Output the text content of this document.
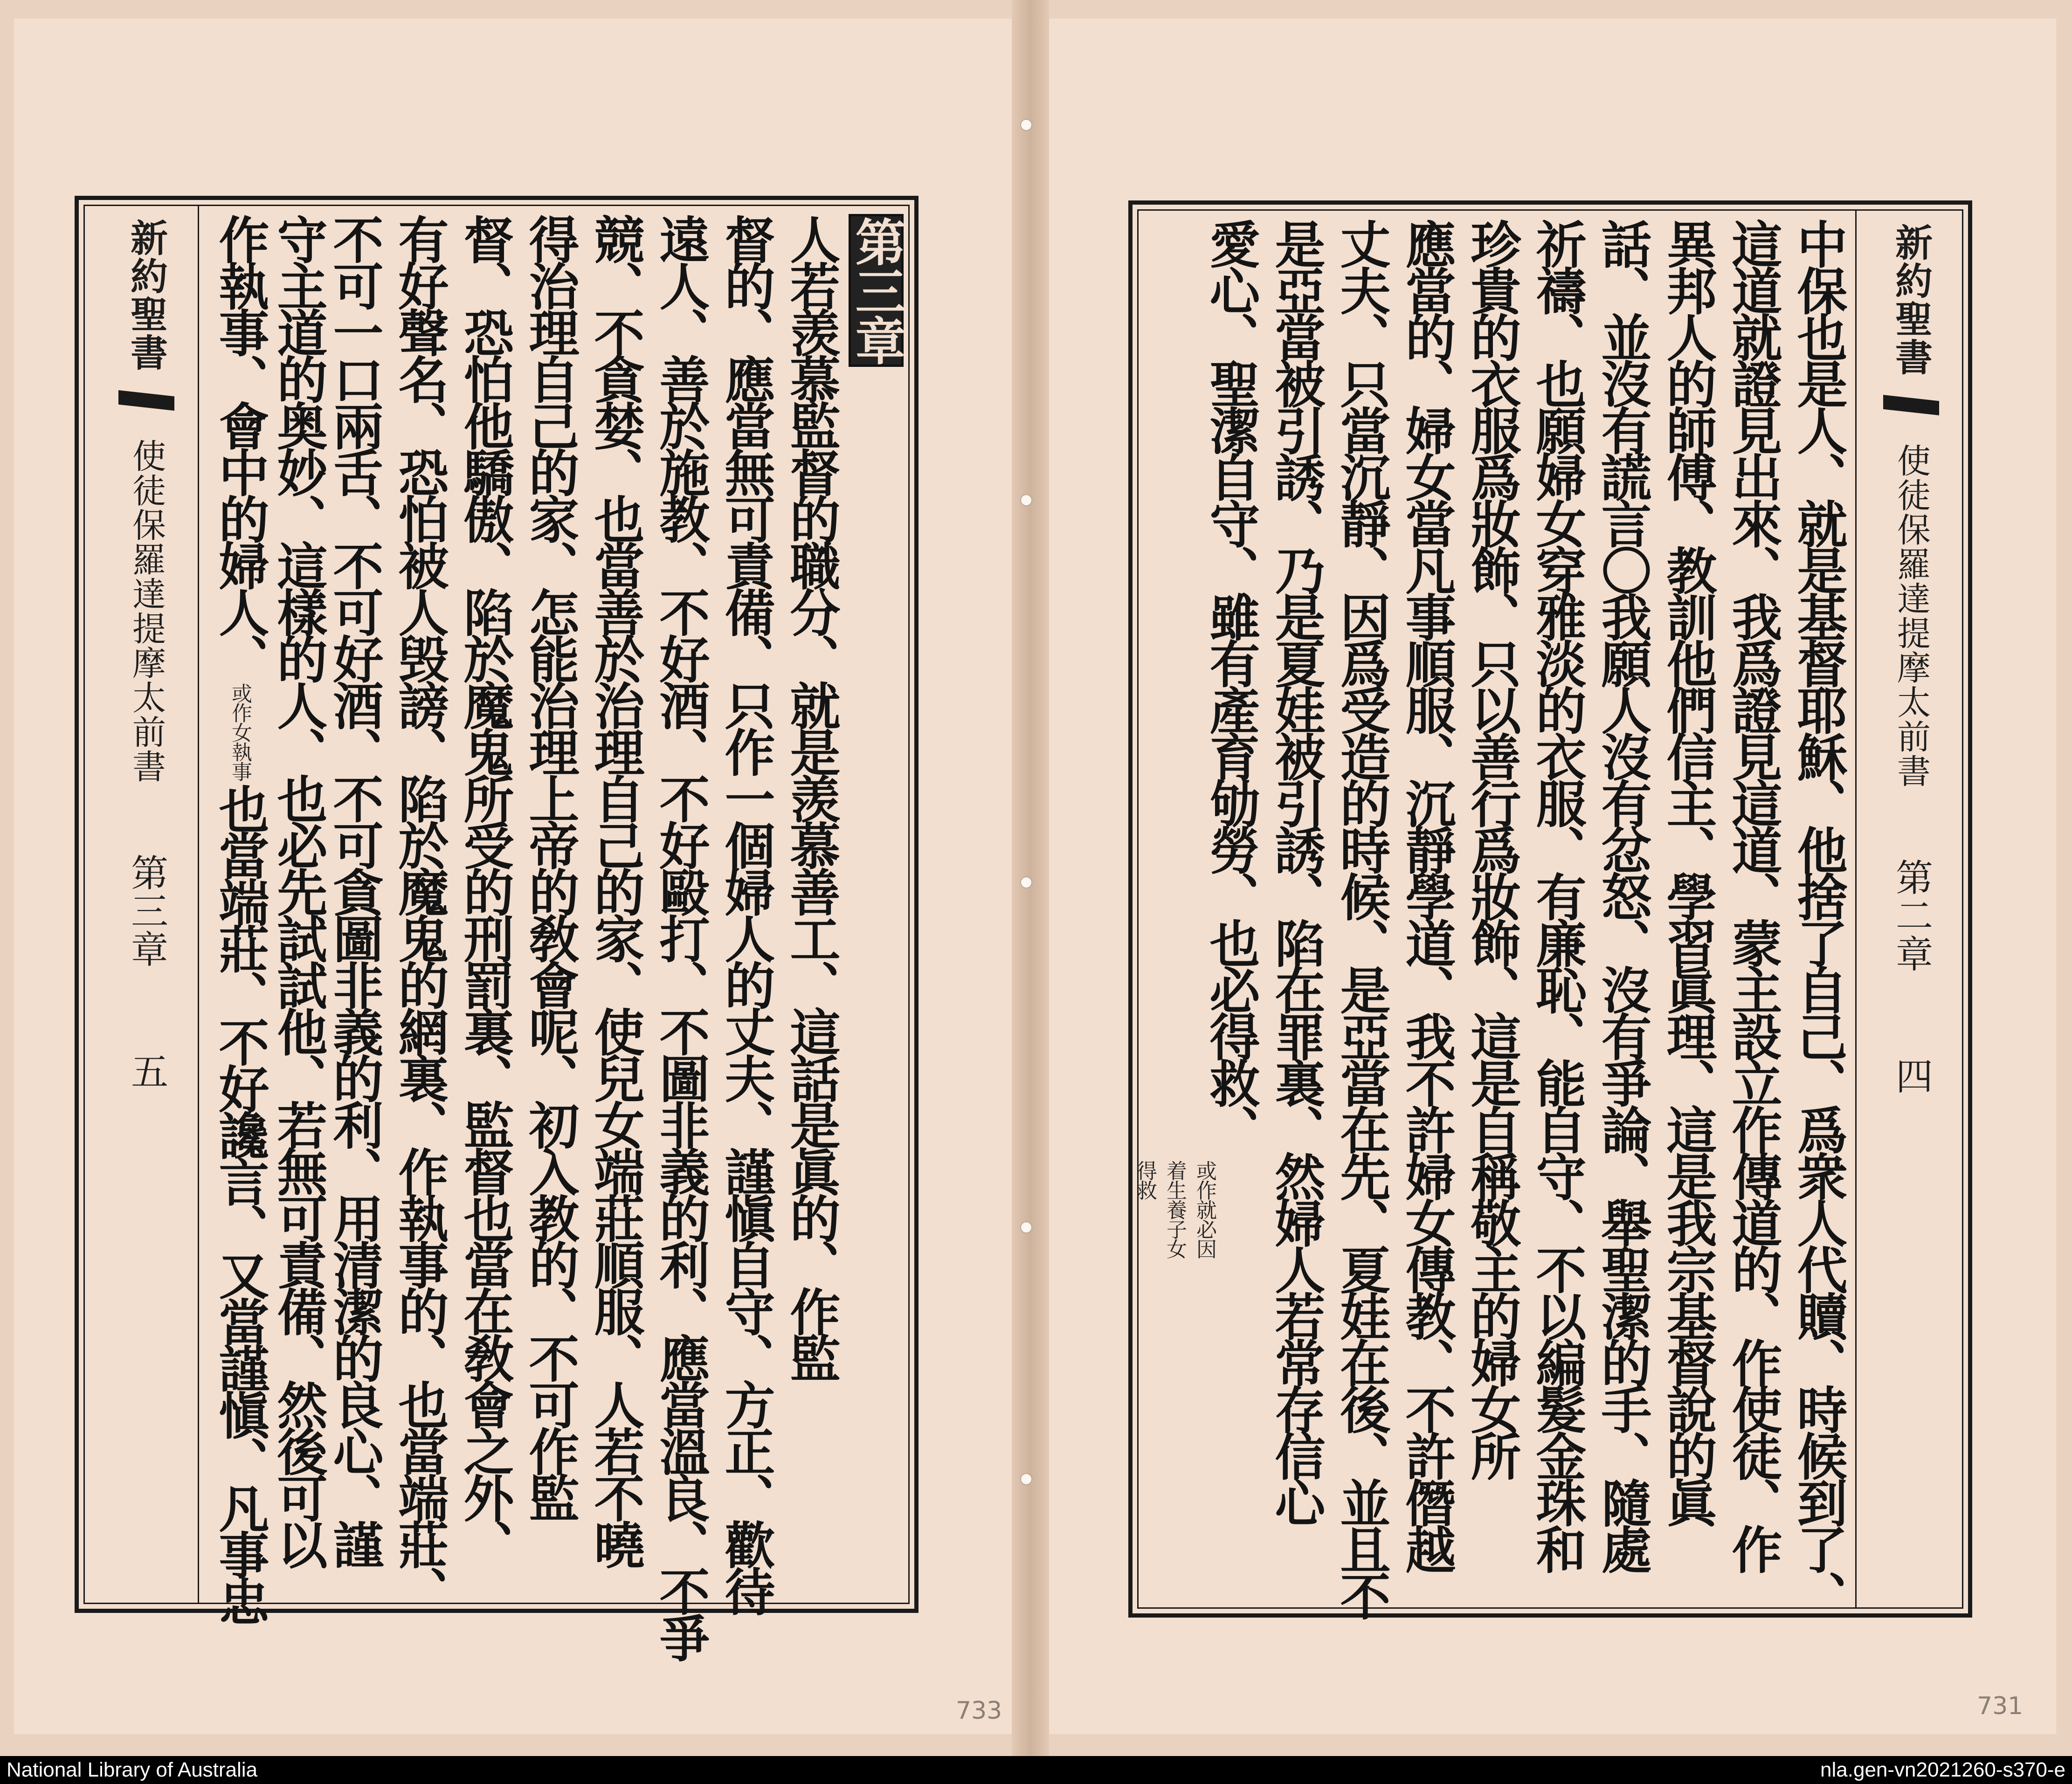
新約聖書
使徒保羅達提摩太前書
第三章
五
第三章
人若羡慕監督的職分、就是羡慕善工、這話是眞的、作監
督的、應當無可責備、只作一個婦人的丈夫、謹愼自守、方正、歡待
遠人、善於施教、不好酒、不好毆打、不圖非義的利、應當溫良、不爭
競、不貪婪、也當善於治理自己的家、使兒女端莊順服、人若不曉
得治理自己的家、怎能治理上帝的敎會呢、初入教的、不可作監
督、恐怕他驕傲、陷於魔鬼所受的刑罰裏、監督也當在敎會之外、
有好聲名、恐怕被人毁謗、陷於魔鬼的網裏、作執事的、也當端莊、
不可一口兩舌、不可好酒、不可貪圖非義的利、用清潔的良心、謹
守主道的奥妙、這樣的人、也必先試試他、若無可責備、然後可以
作執事、會中的婦人、
或作女執事
也當端莊、不好讒言、又當謹愼、凡事忠
733
新約聖書
使徒保羅達提摩太前書
第二章
四
中保也是人、就是基督耶穌、他捨了自己、爲衆人代贖、時候到了、
這道就證見出來、我爲證見這道、蒙主設立作傳道的、作使徒、作
異邦人的師傅、教訓他們信主、學習眞理、這是我宗基督說的眞
話、並沒有謊言〇我願人沒有忿怒、沒有爭論、舉聖潔的手、隨處
祈禱、也願婦女穿雅淡的衣服、有廉恥、能自守、不以編髮金珠和
珍貴的衣服爲妝飾、只以善行爲妝飾、這是自稱敬主的婦女所
應當的、婦女當凡事順服、沉靜學道、我不許婦女傳教、不許僭越
丈夫、只當沉靜、因爲受造的時候、是亞當在先、夏娃在後、並且不
是亞當被引誘、乃是夏娃被引誘、陷在罪裏、然婦人若常存信心
愛心、聖潔自守、雖有產育劬勞、也必得救、
或作就必因着生養子女得救
731
National Library of Australia	nla.gen-vn2021260-s370-e
